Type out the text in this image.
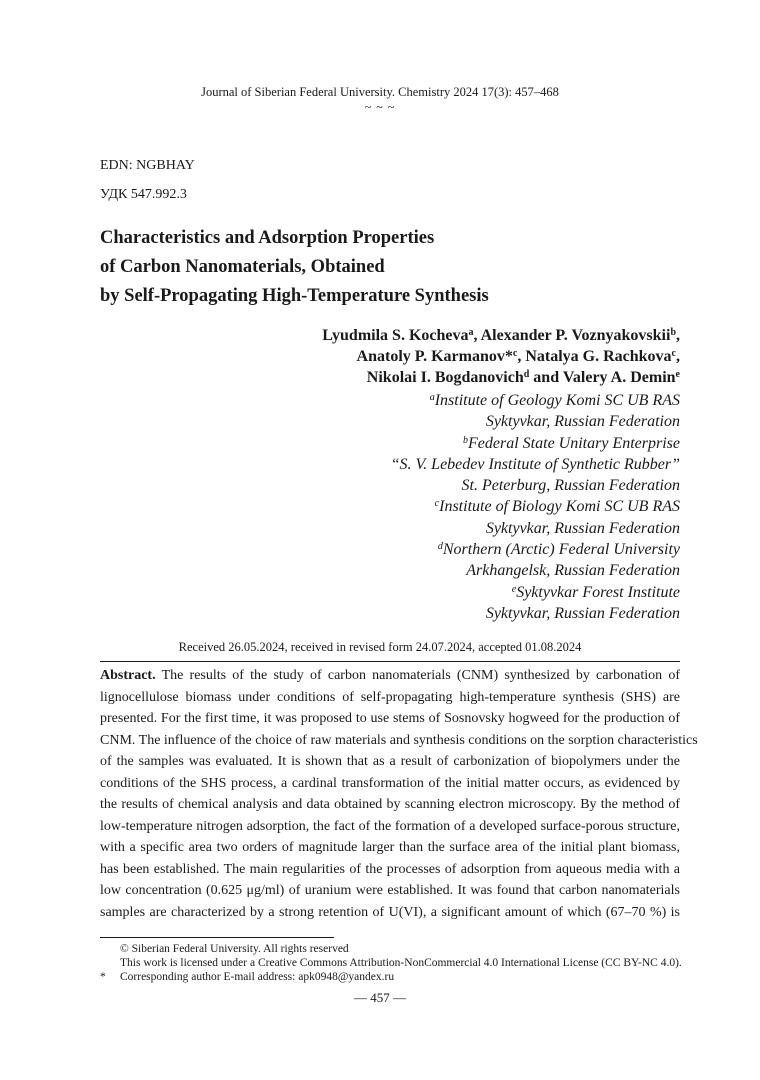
Journal of Siberian Federal University. Chemistry 2024 17(3): 457–468
~ ~ ~
EDN: NGBHAY
УДК 547.992.3
Characteristics and Adsorption Properties
of Carbon Nanomaterials, Obtained
by Self-Propagating High-Temperature Synthesis
Lyudmila S. Kocheva$^a$, Alexander P. Voznyakovskii$^b$,
Anatoly P. Karmanov*$^c$, Natalya G. Rachkova$^c$,
Nikolai I. Bogdanovich$^d$ and Valery A. Demin$^e$
$^a$Institute of Geology Komi SC UB RAS
Syktyvkar, Russian Federation
$^b$Federal State Unitary Enterprise
“S. V. Lebedev Institute of Synthetic Rubber”
St. Peterburg, Russian Federation
$^c$Institute of Biology Komi SC UB RAS
Syktyvkar, Russian Federation
$^d$Northern (Arctic) Federal University
Arkhangelsk, Russian Federation
$^e$Syktyvkar Forest Institute
Syktyvkar, Russian Federation
Received 26.05.2024, received in revised form 24.07.2024, accepted 01.08.2024
Abstract. The results of the study of carbon nanomaterials (CNM) synthesized by carbonation of
lignocellulose biomass under conditions of self-propagating high-temperature synthesis (SHS) are
presented. For the first time, it was proposed to use stems of Sosnovsky hogweed for the production of
CNM. The influence of the choice of raw materials and synthesis conditions on the sorption characteristics
of the samples was evaluated. It is shown that as a result of carbonization of biopolymers under the
conditions of the SHS process, a cardinal transformation of the initial matter occurs, as evidenced by
the results of chemical analysis and data obtained by scanning electron microscopy. By the method of
low-temperature nitrogen adsorption, the fact of the formation of a developed surface-porous structure,
with a specific area two orders of magnitude larger than the surface area of the initial plant biomass,
has been established. The main regularities of the processes of adsorption from aqueous media with a
low concentration (0.625 μg/ml) of uranium were established. It was found that carbon nanomaterials
samples are characterized by a strong retention of U(VI), a significant amount of which (67–70 %) is
© Siberian Federal University. All rights reserved
This work is licensed under a Creative Commons Attribution-NonCommercial 4.0 International License (CC BY-NC 4.0).
* Corresponding author E-mail address: apk0948@yandex.ru
— 457 —
